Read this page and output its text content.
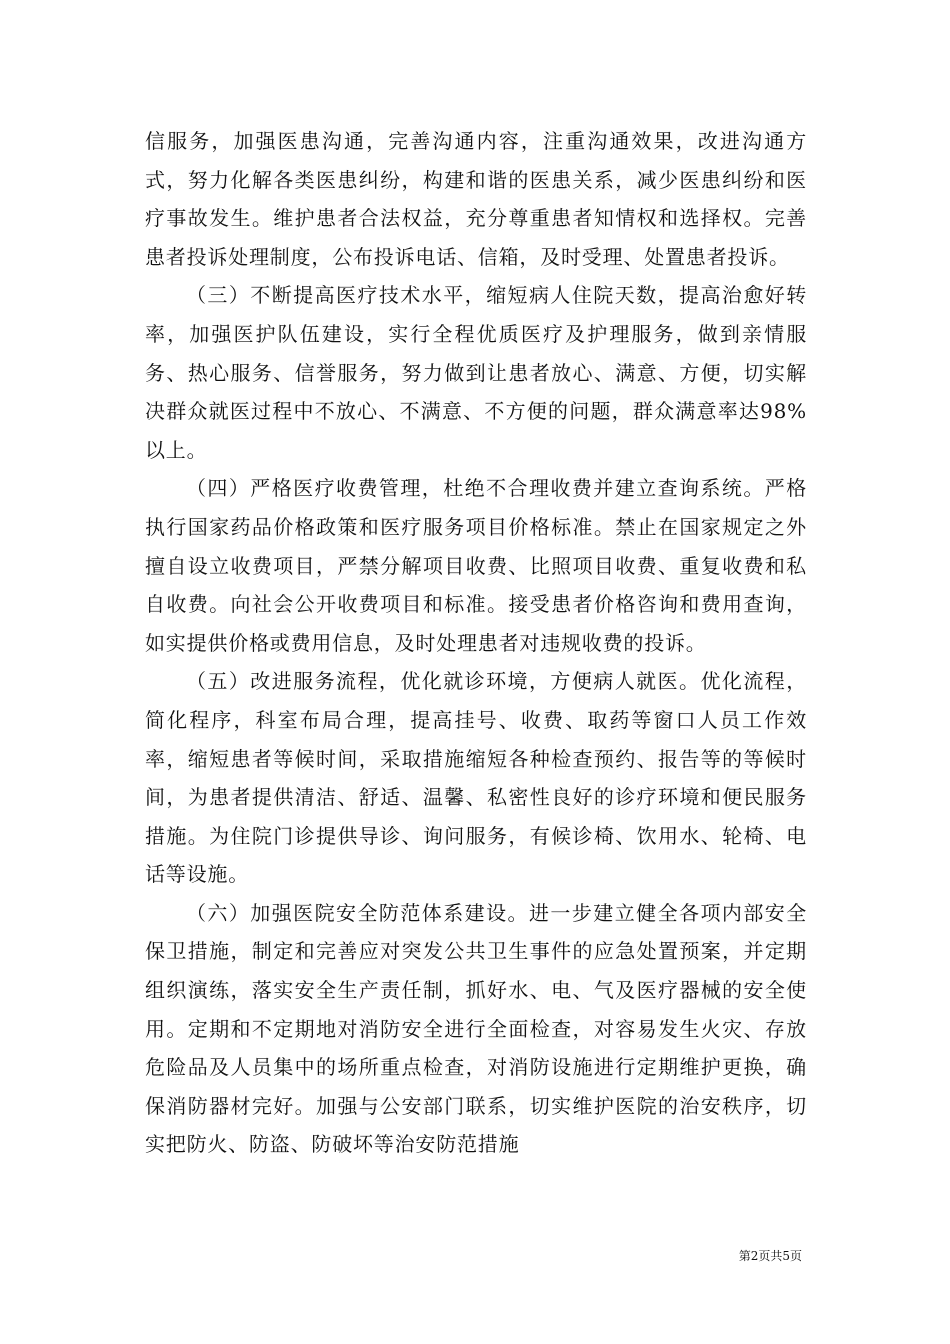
信服务，加强医患沟通，完善沟通内容，注重沟通效果，改进沟通方式，努力化解各类医患纠纷，构建和谐的医患关系，减少医患纠纷和医疗事故发生。维护患者合法权益，充分尊重患者知情权和选择权。完善患者投诉处理制度，公布投诉电话、信箱，及时受理、处置患者投诉。

（三）不断提高医疗技术水平，缩短病人住院天数，提高治愈好转率，加强医护队伍建设，实行全程优质医疗及护理服务，做到亲情服务、热心服务、信誉服务，努力做到让患者放心、满意、方便，切实解决群众就医过程中不放心、不满意、不方便的问题，群众满意率达98%以上。

（四）严格医疗收费管理，杜绝不合理收费并建立查询系统。严格执行国家药品价格政策和医疗服务项目价格标准。禁止在国家规定之外擅自设立收费项目，严禁分解项目收费、比照项目收费、重复收费和私自收费。向社会公开收费项目和标准。接受患者价格咨询和费用查询，如实提供价格或费用信息，及时处理患者对违规收费的投诉。

（五）改进服务流程，优化就诊环境，方便病人就医。优化流程，简化程序，科室布局合理，提高挂号、收费、取药等窗口人员工作效率，缩短患者等候时间，采取措施缩短各种检查预约、报告等的等候时间，为患者提供清洁、舒适、温馨、私密性良好的诊疗环境和便民服务措施。为住院门诊提供导诊、询问服务，有候诊椅、饮用水、轮椅、电话等设施。

（六）加强医院安全防范体系建设。进一步建立健全各项内部安全保卫措施，制定和完善应对突发公共卫生事件的应急处置预案，并定期组织演练，落实安全生产责任制，抓好水、电、气及医疗器械的安全使用。定期和不定期地对消防安全进行全面检查，对容易发生火灾、存放危险品及人员集中的场所重点检查，对消防设施进行定期维护更换，确保消防器材完好。加强与公安部门联系，切实维护医院的治安秩序，切实把防火、防盗、防破坏等治安防范措施

第2页共5页
